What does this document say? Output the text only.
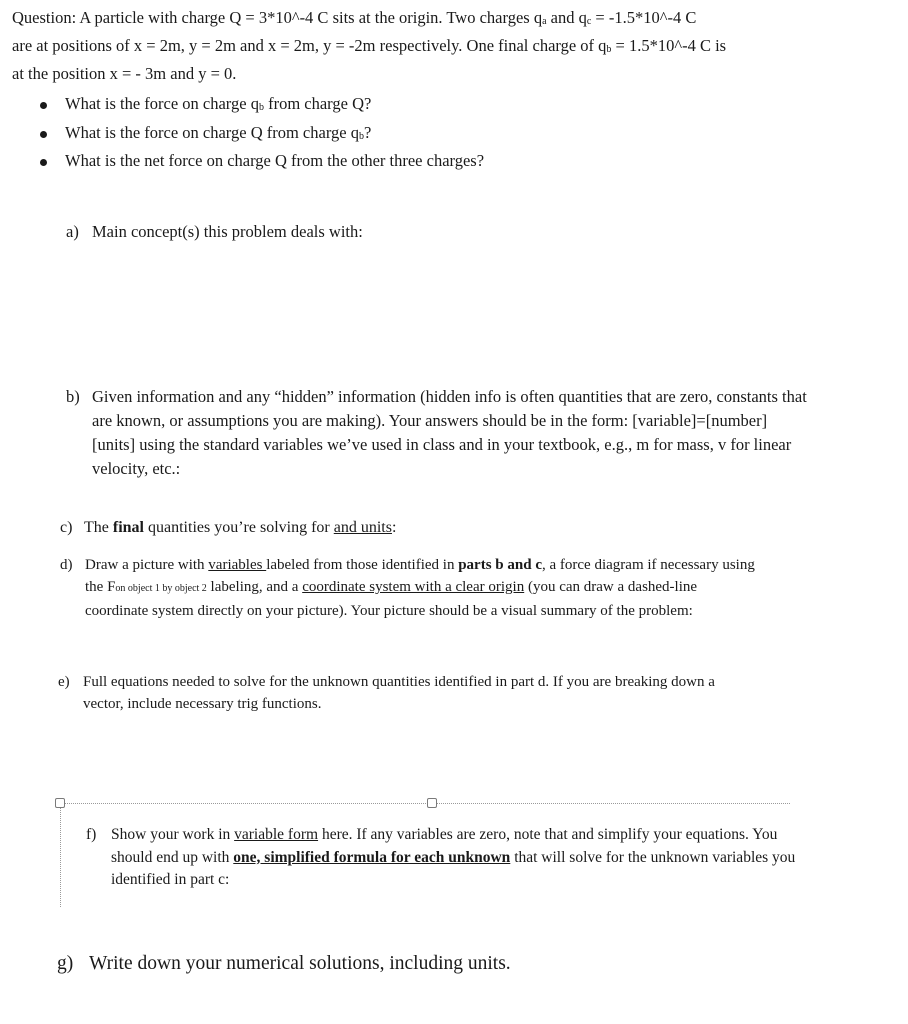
Question: A particle with charge Q = 3*10^-4 C sits at the origin. Two charges qa and qc = -1.5*10^-4 C
are at positions of x = 2m, y = 2m and x = 2m, y = -2m respectively. One final charge of qb = 1.5*10^-4 C is
at the position x = - 3m and y = 0.
What is the force on charge qb from charge Q?
What is the force on charge Q from charge qb?
What is the net force on charge Q from the other three charges?
a) Main concept(s) this problem deals with:
b) Given information and any “hidden” information (hidden info is often quantities that are zero, constants that are known, or assumptions you are making). Your answers should be in the form: [variable]=[number] [units] using the standard variables we’ve used in class and in your textbook, e.g., m for mass, v for linear velocity, etc.:
c) The final quantities you’re solving for and units:
d) Draw a picture with variables labeled from those identified in parts b and c, a force diagram if necessary using the Fon object 1 by object 2 labeling, and a coordinate system with a clear origin (you can draw a dashed-line coordinate system directly on your picture). Your picture should be a visual summary of the problem:
e) Full equations needed to solve for the unknown quantities identified in part d. If you are breaking down a vector, include necessary trig functions.
f) Show your work in variable form here. If any variables are zero, note that and simplify your equations. You should end up with one, simplified formula for each unknown that will solve for the unknown variables you identified in part c:
g) Write down your numerical solutions, including units.
